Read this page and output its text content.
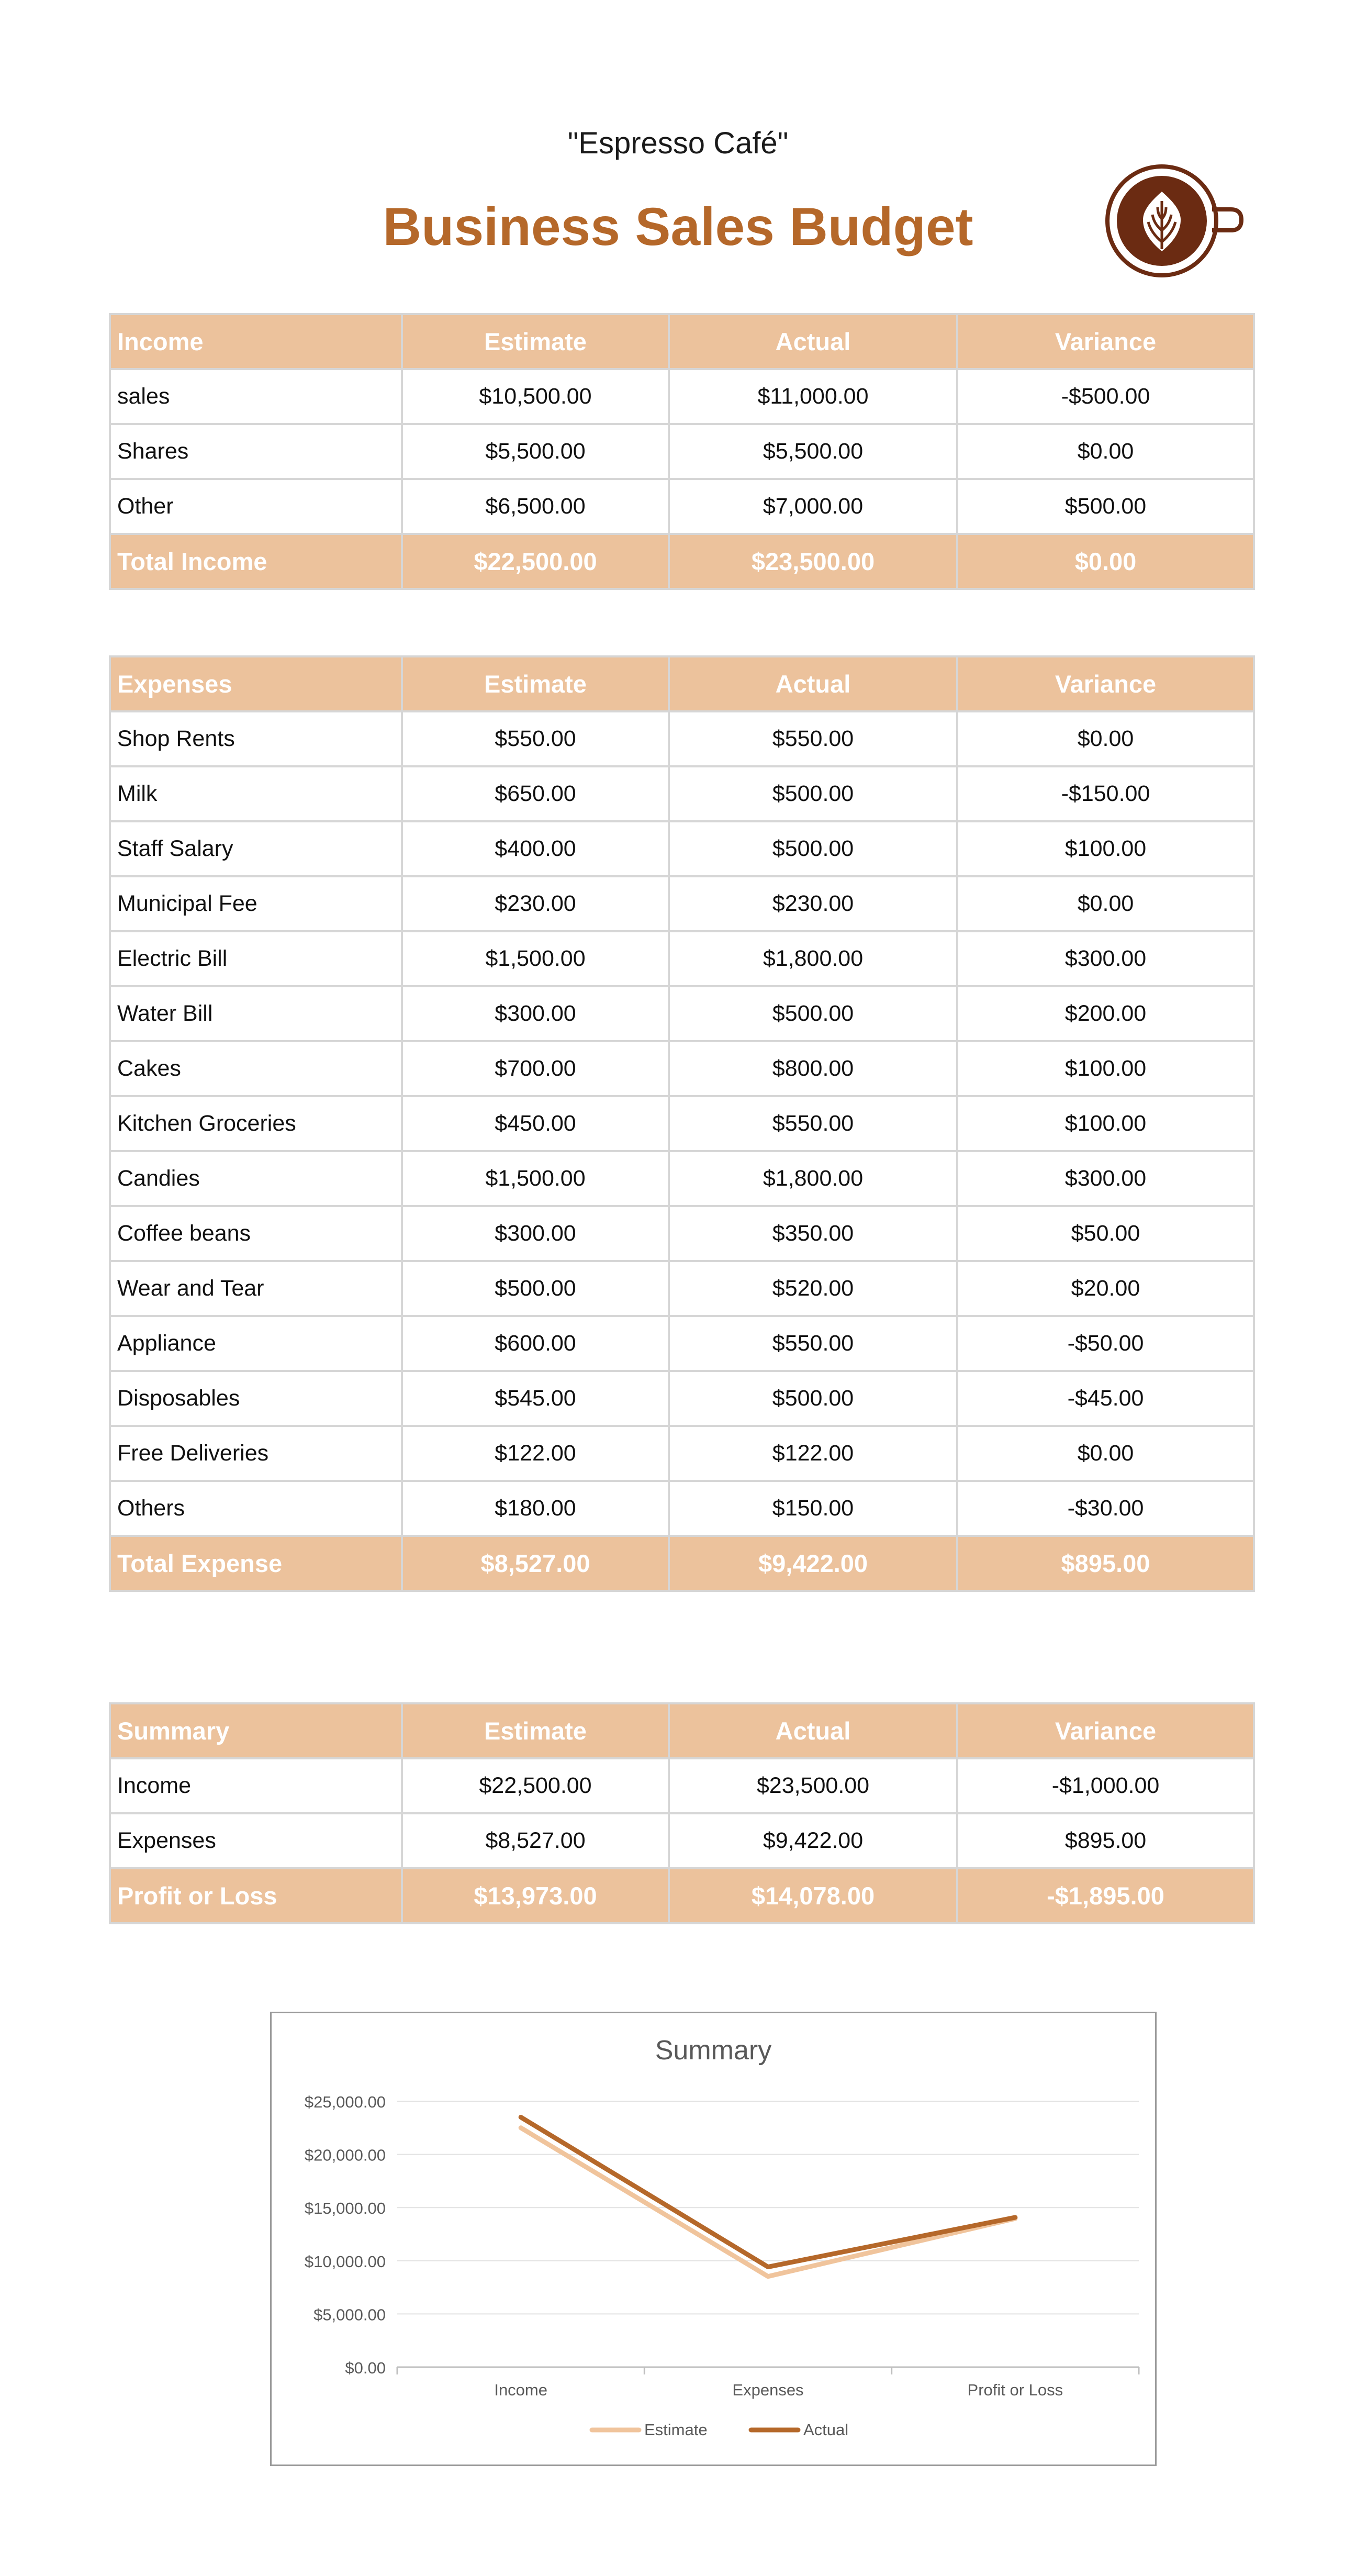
"Espresso Café"
Business Sales Budget
Income	Estimate	Actual	Variance
sales	$10,500.00	$11,000.00	-$500.00
Shares	$5,500.00	$5,500.00	$0.00
Other	$6,500.00	$7,000.00	$500.00
Total Income	$22,500.00	$23,500.00	$0.00
Expenses	Estimate	Actual	Variance
Shop Rents	$550.00	$550.00	$0.00
Milk	$650.00	$500.00	-$150.00
Staff Salary	$400.00	$500.00	$100.00
Municipal Fee	$230.00	$230.00	$0.00
Electric Bill	$1,500.00	$1,800.00	$300.00
Water Bill	$300.00	$500.00	$200.00
Cakes	$700.00	$800.00	$100.00
Kitchen Groceries	$450.00	$550.00	$100.00
Candies	$1,500.00	$1,800.00	$300.00
Coffee beans	$300.00	$350.00	$50.00
Wear and Tear	$500.00	$520.00	$20.00
Appliance	$600.00	$550.00	-$50.00
Disposables	$545.00	$500.00	-$45.00
Free Deliveries	$122.00	$122.00	$0.00
Others	$180.00	$150.00	-$30.00
Total Expense	$8,527.00	$9,422.00	$895.00
Summary	Estimate	Actual	Variance
Income	$22,500.00	$23,500.00	-$1,000.00
Expenses	$8,527.00	$9,422.00	$895.00
Profit or Loss	$13,973.00	$14,078.00	-$1,895.00
Summary
$0.00
$5,000.00
$10,000.00
$15,000.00
$20,000.00
$25,000.00
Income	Expenses	Profit or Loss
Estimate	Actual
